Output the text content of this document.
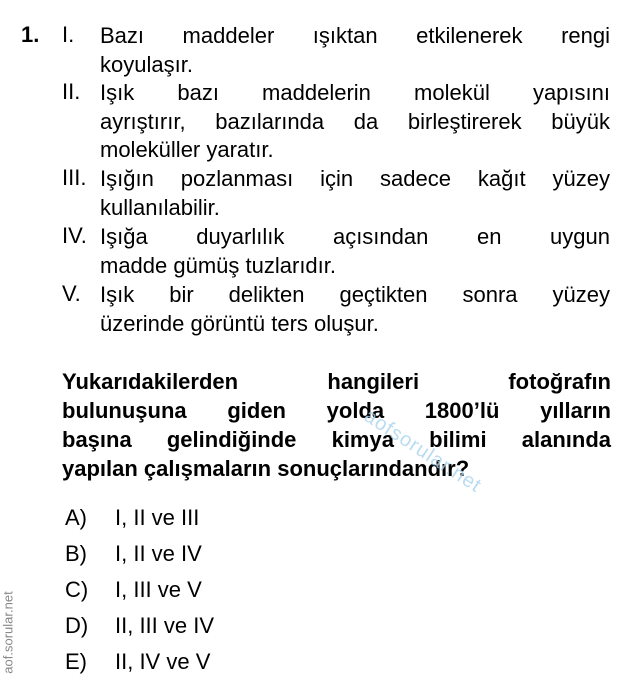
1. I. Bazı maddeler ışıktan etkilenerek rengi
koyulaşır.
II. Işık bazı maddelerin molekül yapısını
ayrıştırır, bazılarında da birleştirerek büyük
moleküller yaratır.
III. Işığın pozlanması için sadece kağıt yüzey
kullanılabilir.
IV. Işığa duyarlılık açısından en uygun
madde gümüş tuzlarıdır.
V. Işık bir delikten geçtikten sonra yüzey
üzerinde görüntü ters oluşur.
Yukarıdakilerden hangileri fotoğrafın
bulunuşuna giden yolda 1800’lü yılların
başına gelindiğinde kimya bilimi alanında
yapılan çalışmaların sonuçlarındandır?
A) I, II ve III
B) I, II ve IV
C) I, III ve V
D) II, III ve IV
E) II, IV ve V
aofsorular.net
aof.sorular.net
